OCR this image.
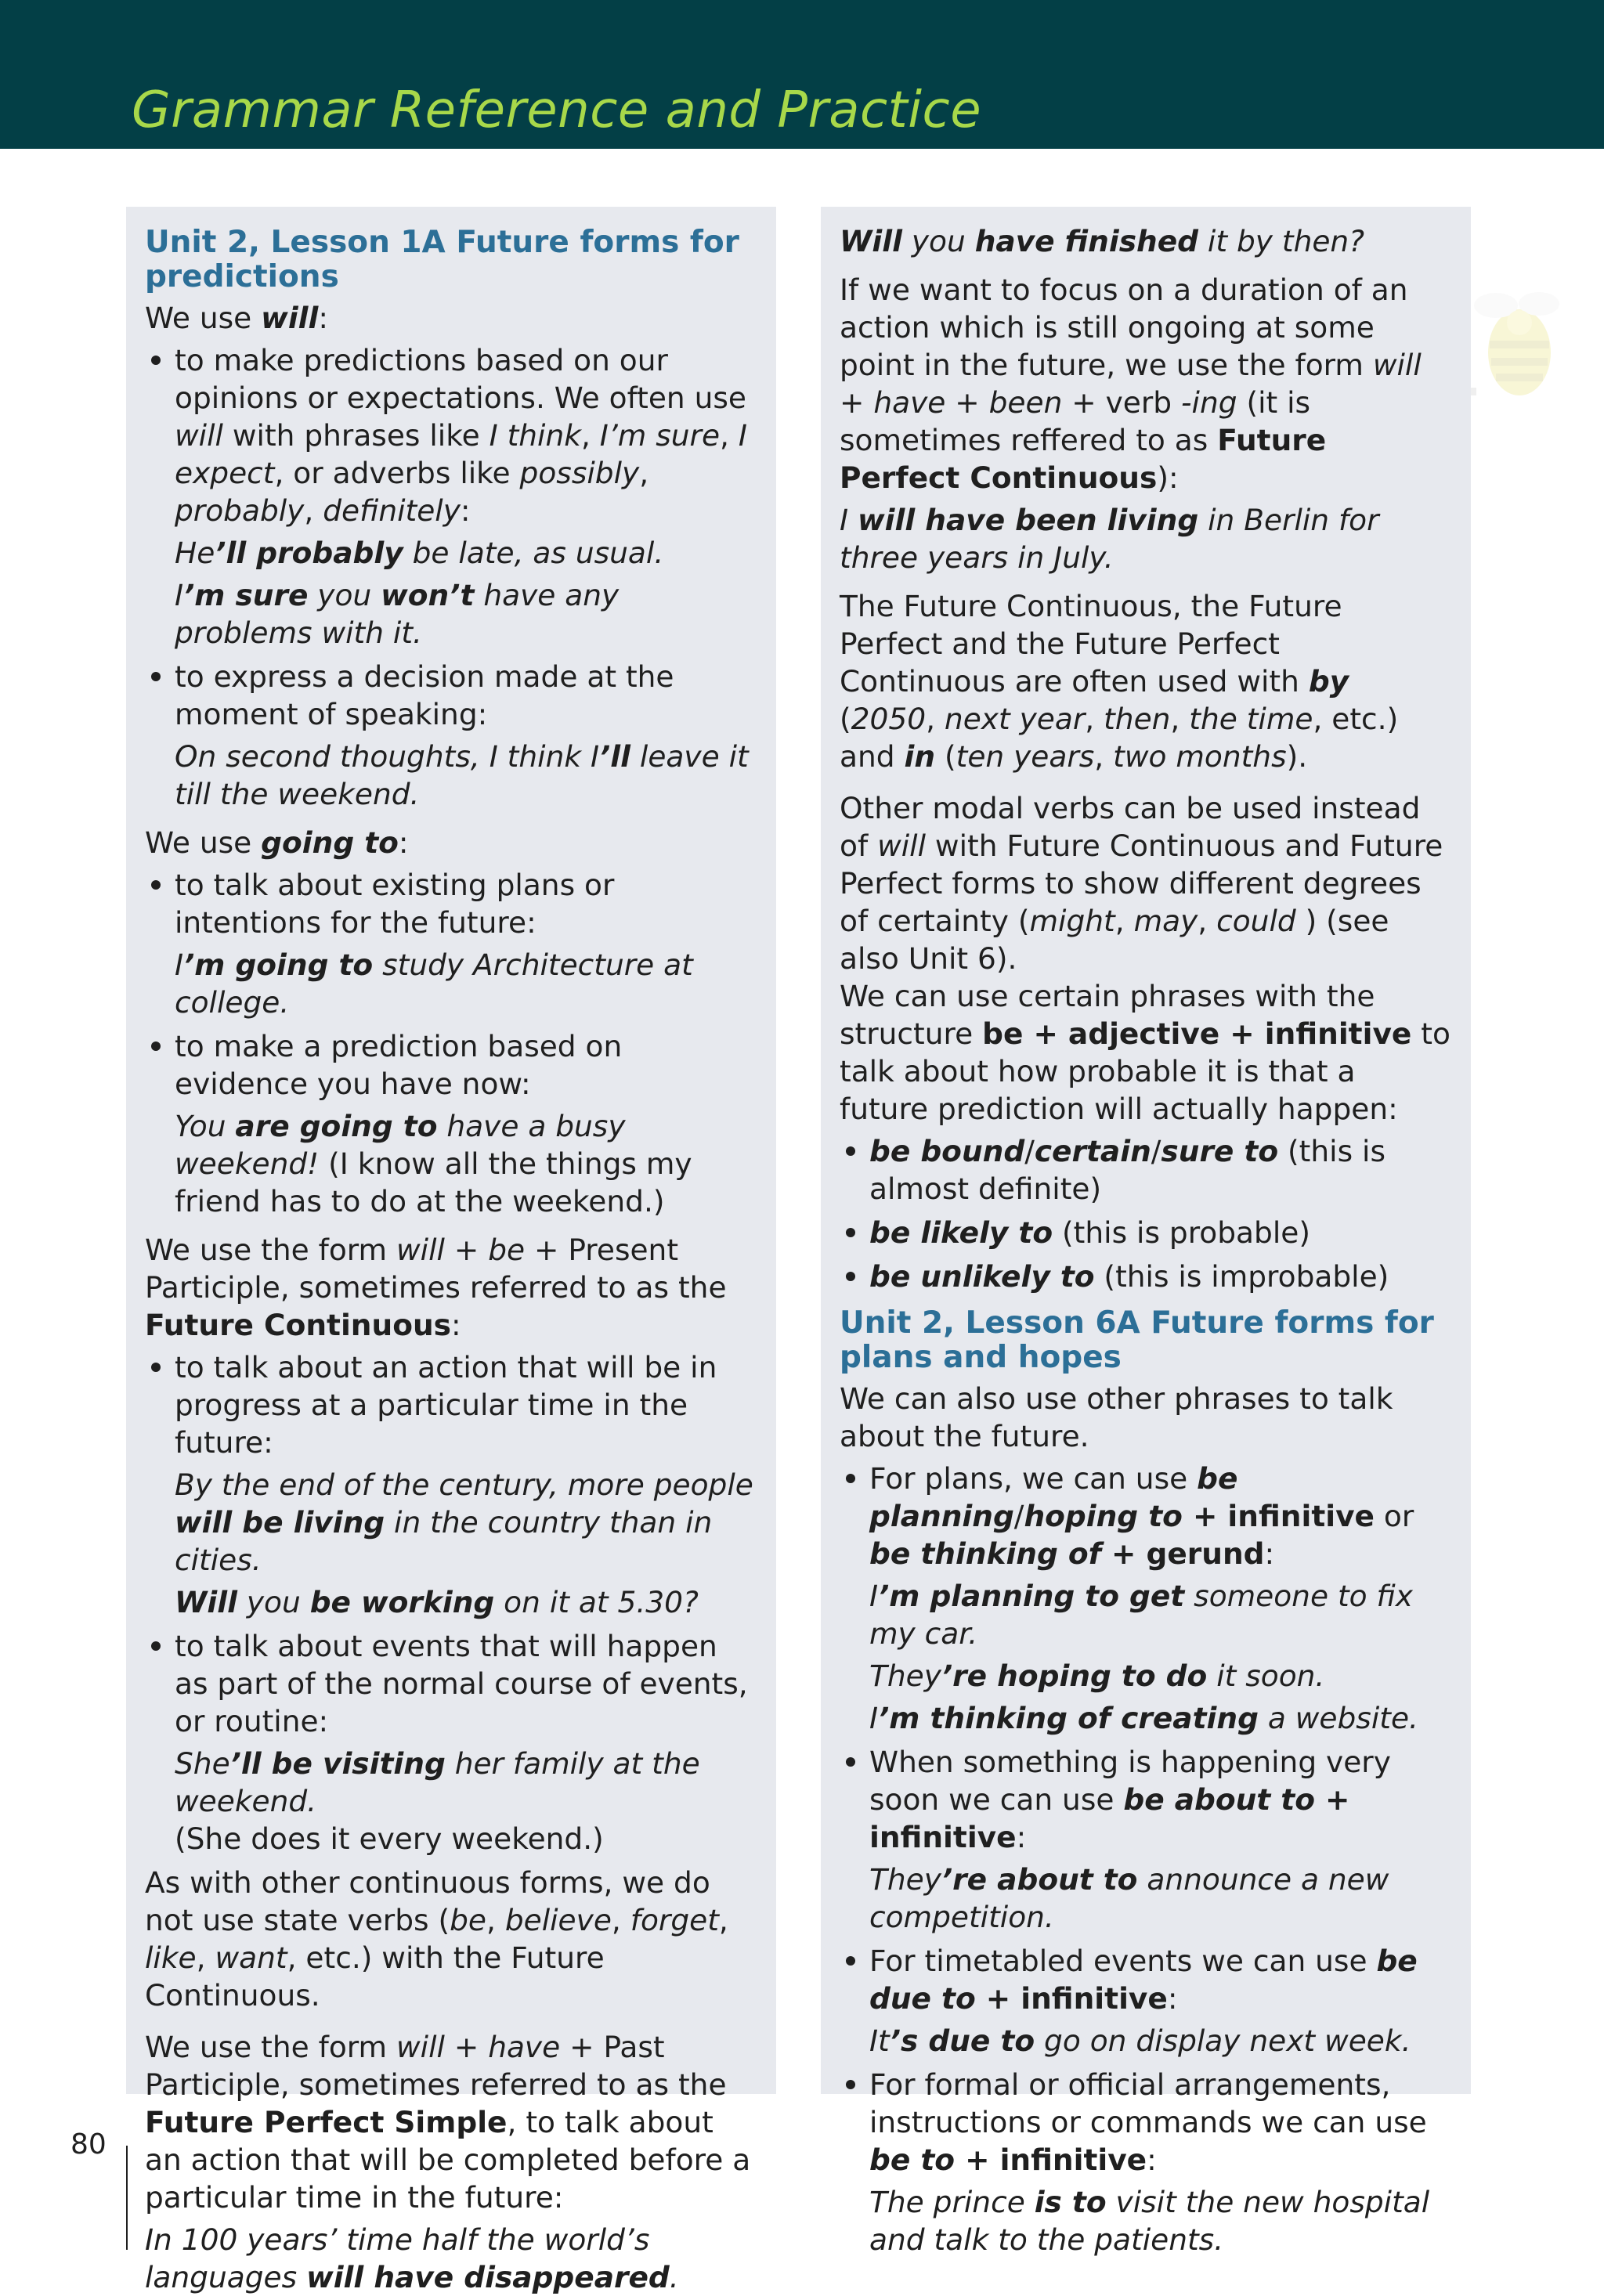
Grammar Reference and Practice
Unit 2, Lesson 1A Future forms for predictions

We use will:

to make predictions based on our opinions or expectations. We often use will with phrases like I think, I’m sure, I expect, or adverbs like possibly, probably, definitely:

He’ll probably be late, as usual.

I’m sure you won’t have any problems with it.

to express a decision made at the moment of speaking:

On second thoughts, I think I’ll leave it till the weekend.

We use going to:

to talk about existing plans or intentions for the future:

I’m going to study Architecture at college.

to make a prediction based on evidence you have now:

You are going to have a busy weekend! (I know all the things my friend has to do at the weekend.)

We use the form will + be + Present Participle, sometimes referred to as the Future Continuous:

to talk about an action that will be in progress at a particular time in the future:

By the end of the century, more people will be living in the country than in cities.

Will you be working on it at 5.30?

to talk about events that will happen as part of the normal course of events, or routine:

She’ll be visiting her family at the weekend.

(She does it every weekend.)

As with other continuous forms, we do not use state verbs (be, believe, forget, like, want, etc.) with the Future Continuous.

We use the form will + have + Past Participle, sometimes referred to as the Future Perfect Simple, to talk about an action that will be completed before a particular time in the future:

In 100 years’ time half the world’s languages will have disappeared.

Will you have finished it by then?

If we want to focus on a duration of an action which is still ongoing at some point in the future, we use the form will + have + been + verb -ing (it is sometimes reffered to as Future Perfect Continuous):

I will have been living in Berlin for three years in July.

The Future Continuous, the Future Perfect and the Future Perfect Continuous are often used with by (2050, next year, then, the time, etc.) and in (ten years, two months).

Other modal verbs can be used instead of will with Future Continuous and Future Perfect forms to show different degrees of certainty (might, may, could ) (see also Unit 6).

We can use certain phrases with the structure be + adjective + infinitive to talk about how probable it is that a future prediction will actually happen:

be bound/certain/sure to (this is almost definite)
be likely to (this is probable)
be unlikely to (this is improbable)
Unit 2, Lesson 6A Future forms for plans and hopes

We can also use other phrases to talk about the future.

For plans, we can use be planning/hoping to + infinitive or be thinking of + gerund:

I’m planning to get someone to fix my car.

They’re hoping to do it soon.

I’m thinking of creating a website.

When something is happening very soon we can use be about to + infinitive:

They’re about to announce a new competition.

For timetabled events we can use be due to + infinitive:

It’s due to go on display next week.

For formal or official arrangements, instructions or commands we can use be to + infinitive:

The prince is to visit the new hospital and talk to the patients.

80
